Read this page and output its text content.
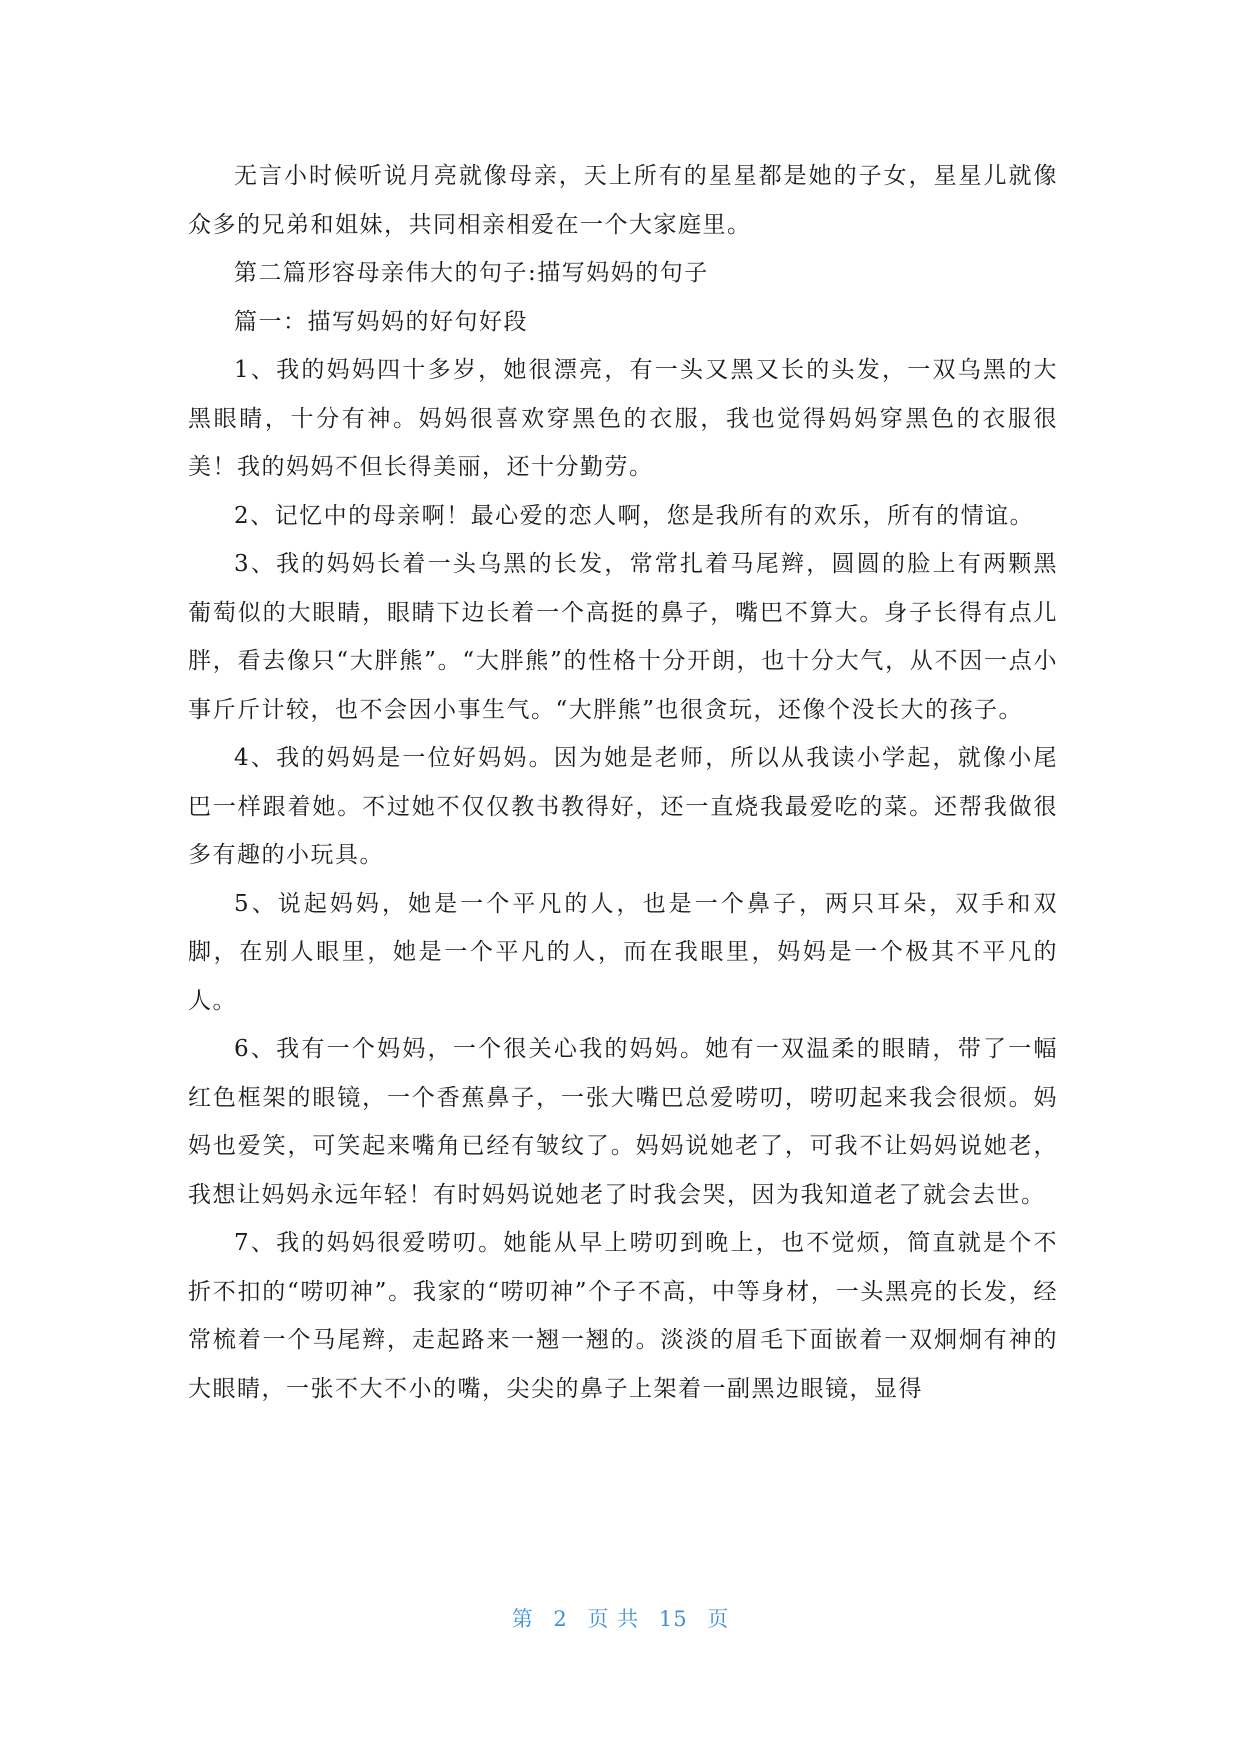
无言小时候听说月亮就像母亲，天上所有的星星都是她的子女，星星儿就像众多的兄弟和姐妹，共同相亲相爱在一个大家庭里。

第二篇形容母亲伟大的句子:描写妈妈的句子

篇一：描写妈妈的好句好段

1、我的妈妈四十多岁，她很漂亮，有一头又黑又长的头发，一双乌黑的大黑眼睛，十分有神。妈妈很喜欢穿黑色的衣服，我也觉得妈妈穿黑色的衣服很美！我的妈妈不但长得美丽，还十分勤劳。

2、记忆中的母亲啊！最心爱的恋人啊，您是我所有的欢乐，所有的情谊。

3、我的妈妈长着一头乌黑的长发，常常扎着马尾辫，圆圆的脸上有两颗黑葡萄似的大眼睛，眼睛下边长着一个高挺的鼻子，嘴巴不算大。身子长得有点儿胖，看去像只“大胖熊”。“大胖熊”的性格十分开朗，也十分大气，从不因一点小事斤斤计较，也不会因小事生气。“大胖熊”也很贪玩，还像个没长大的孩子。

4、我的妈妈是一位好妈妈。因为她是老师，所以从我读小学起，就像小尾巴一样跟着她。不过她不仅仅教书教得好，还一直烧我最爱吃的菜。还帮我做很多有趣的小玩具。

5、说起妈妈，她是一个平凡的人，也是一个鼻子，两只耳朵，双手和双脚，在别人眼里，她是一个平凡的人，而在我眼里，妈妈是一个极其不平凡的人。

6、我有一个妈妈，一个很关心我的妈妈。她有一双温柔的眼睛，带了一幅红色框架的眼镜，一个香蕉鼻子，一张大嘴巴总爱唠叨，唠叨起来我会很烦。妈妈也爱笑，可笑起来嘴角已经有皱纹了。妈妈说她老了，可我不让妈妈说她老，我想让妈妈永远年轻！有时妈妈说她老了时我会哭，因为我知道老了就会去世。

7、我的妈妈很爱唠叨。她能从早上唠叨到晚上，也不觉烦，简直就是个不折不扣的“唠叨神”。我家的“唠叨神”个子不高，中等身材，一头黑亮的长发，经常梳着一个马尾辫，走起路来一翘一翘的。淡淡的眉毛下面嵌着一双炯炯有神的大眼睛，一张不大不小的嘴，尖尖的鼻子上架着一副黑边眼镜，显得

第 2 页 共 15 页
